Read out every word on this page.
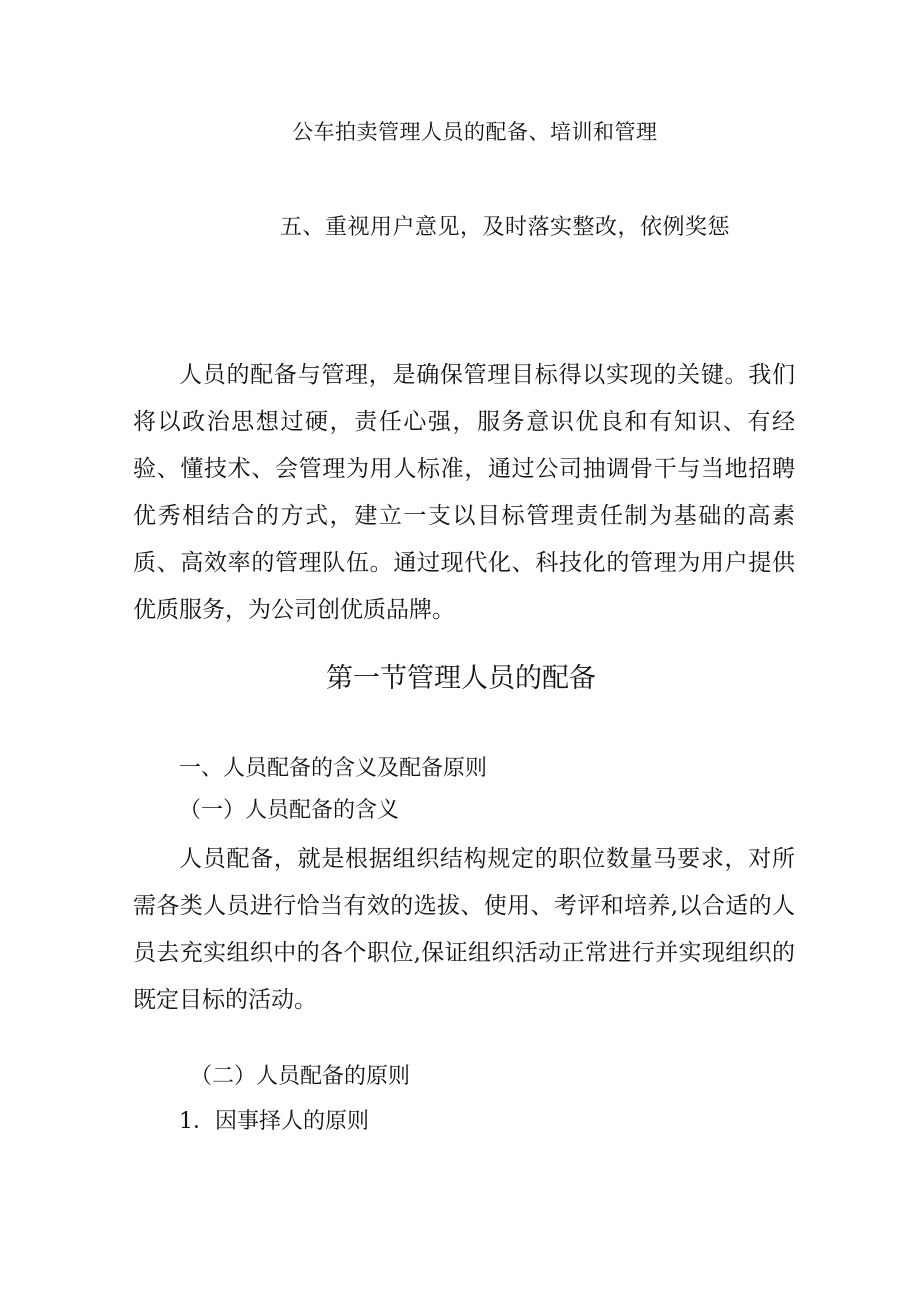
公车拍卖管理人员的配备、培训和管理
五、重视用户意见，及时落实整改，依例奖惩

人员的配备与管理，是确保管理目标得以实现的关键。我们将以政治思想过硬，责任心强，服务意识优良和有知识、有经验、懂技术、会管理为用人标准，通过公司抽调骨干与当地招聘优秀相结合的方式，建立一支以目标管理责任制为基础的高素质、高效率的管理队伍。通过现代化、科技化的管理为用户提供优质服务，为公司创优质品牌。

第一节管理人员的配备
一、人员配备的含义及配备原则
（一）人员配备的含义

人员配备，就是根据组织结构规定的职位数量马要求，对所需各类人员进行恰当有效的选拔、使用、考评和培养,以合适的人员去充实组织中的各个职位,保证组织活动正常进行并实现组织的既定目标的活动。

（二）人员配备的原则
1．因事择人的原则
